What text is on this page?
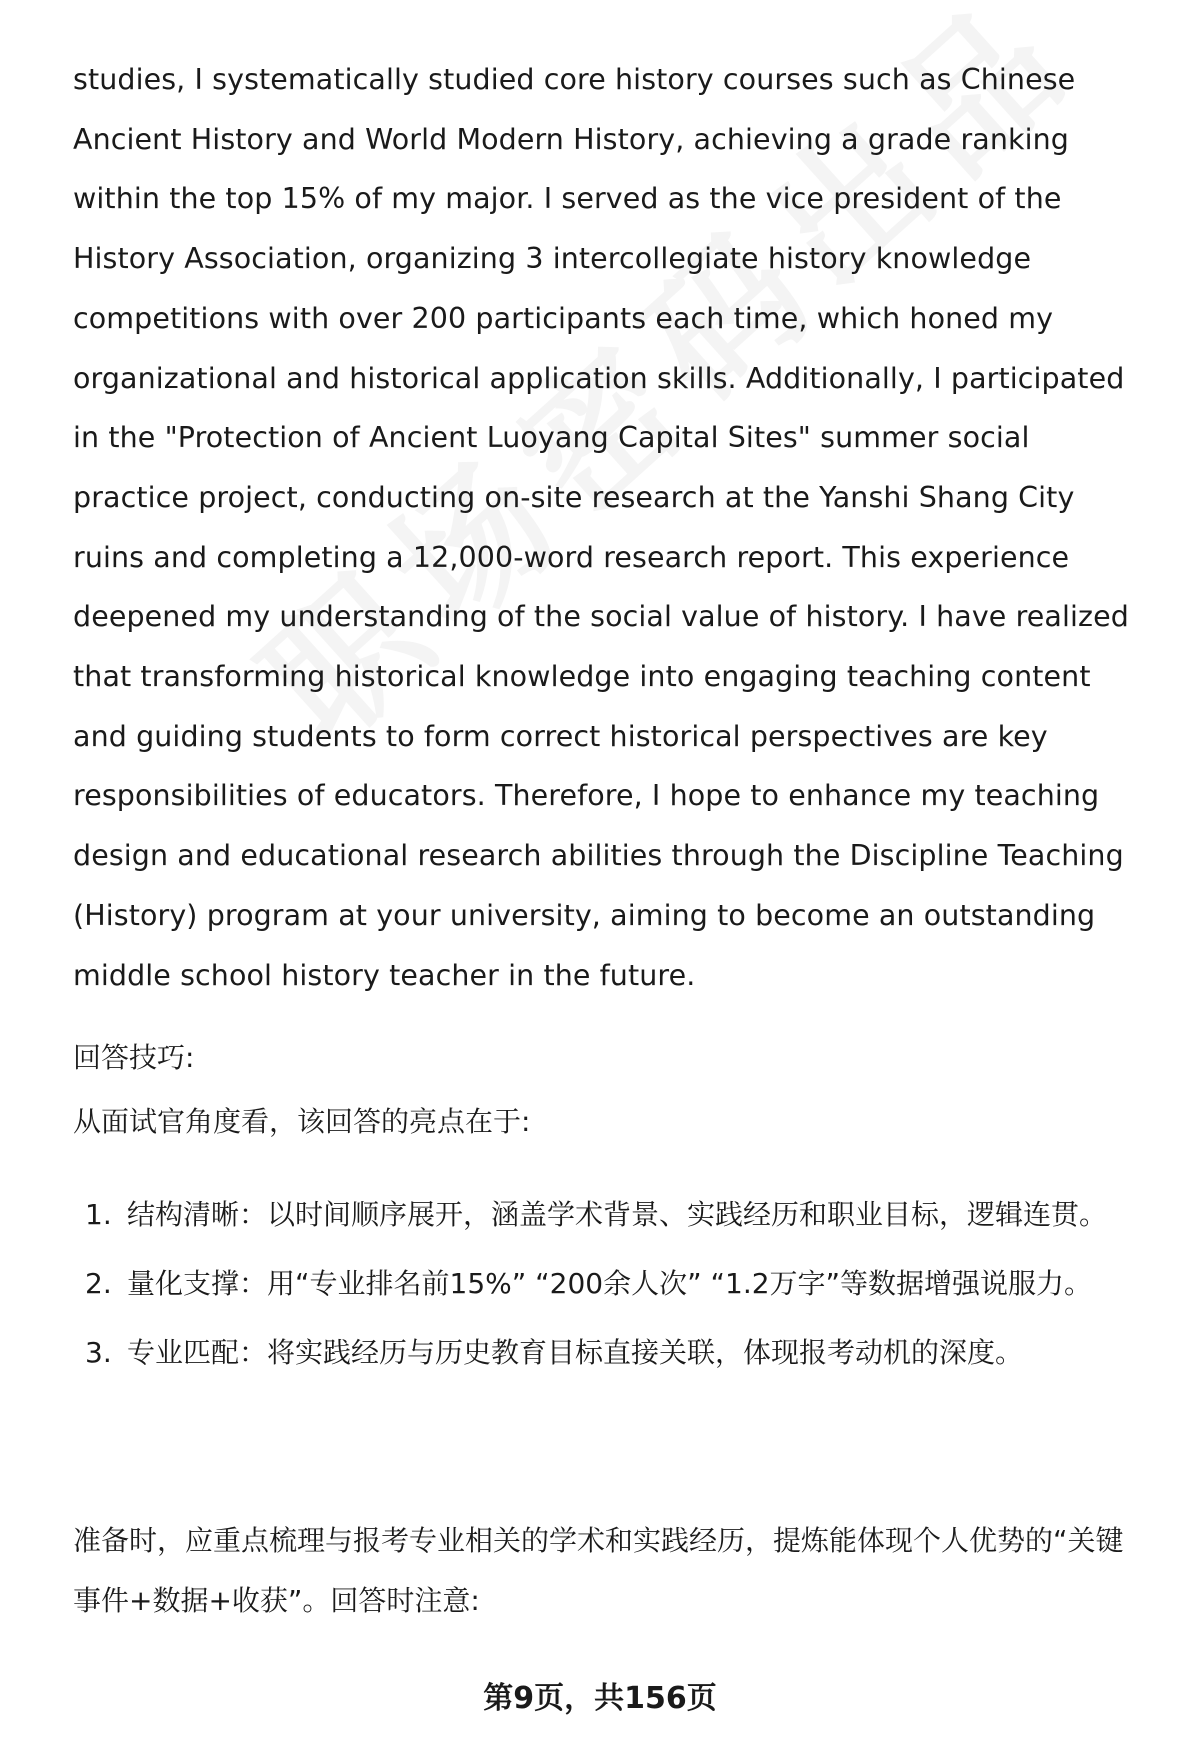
studies, I systematically studied core history courses such as Chinese Ancient History and World Modern History, achieving a grade ranking within the top 15% of my major. I served as the vice president of the History Association, organizing 3 intercollegiate history knowledge competitions with over 200 participants each time, which honed my organizational and historical application skills. Additionally, I participated in the "Protection of Ancient Luoyang Capital Sites" summer social practice project, conducting on-site research at the Yanshi Shang City ruins and completing a 12,000-word research report. This experience deepened my understanding of the social value of history. I have realized that transforming historical knowledge into engaging teaching content and guiding students to form correct historical perspectives are key responsibilities of educators. Therefore, I hope to enhance my teaching design and educational research abilities through the Discipline Teaching (History) program at your university, aiming to become an outstanding middle school history teacher in the future.
回答技巧:
从面试官角度看，该回答的亮点在于:
1. 结构清晰：以时间顺序展开，涵盖学术背景、实践经历和职业目标，逻辑连贯。
2. 量化支撑：用“专业排名前15%” “200余人次” “1.2万字”等数据增强说服力。
3. 专业匹配：将实践经历与历史教育目标直接关联，体现报考动机的深度。
准备时，应重点梳理与报考专业相关的学术和实践经历，提炼能体现个人优势的“关键事件+数据+收获”。回答时注意:
第9页，共156页
